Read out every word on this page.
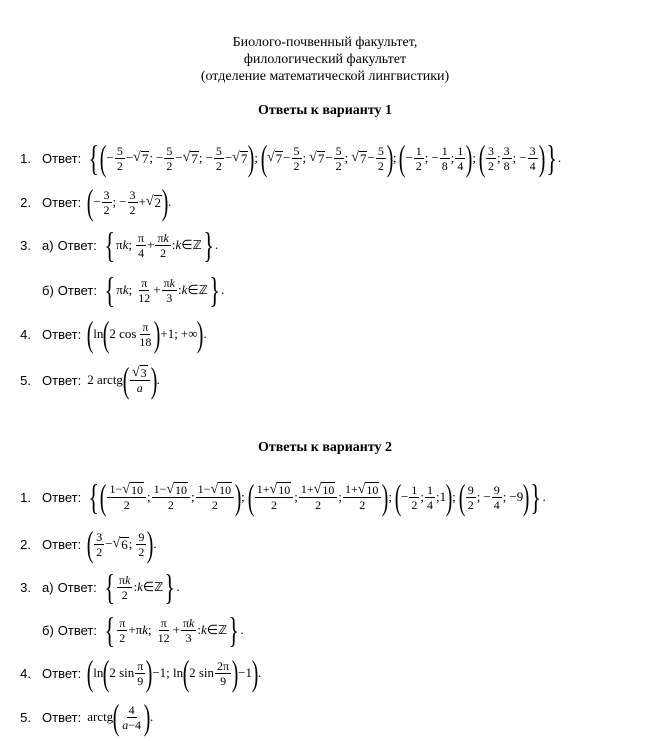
Биолого-почвенный факультет,
филологический факультет
(отделение математической лингвистики)
Ответы к варианту 1
1. Ответ: { ( − $\frac{5}{2}$ − √ 7 ; − $\frac{5}{2}$ − √ 7 ; − $\frac{5}{2}$ − √ 7 ) ; ( √ $7 - \frac{5}{2}$ ; √ $7 - \frac{5}{2}$ ; √ $7 - \frac{5}{2}$ ) ; ( − $\frac{1}{2}$ ; − $\frac{1}{8}$ ; $\frac{1}{4}$ ) ; ( $\frac{3}{2}$ ; $\frac{3}{8}$ ; − $\frac{3}{4}$ ) } .
2. Ответ: ( − $\frac{3}{2}$ ; − $\frac{3}{2}$ + √ 2 ) .
3. а) Ответ: { π k ; $\frac{\pi}{4} + \frac{\pi k}{2}$ : k ∈ ℤ } .
б) Ответ: { π k ; $\frac{\pi}{12} + \frac{\pi k}{3}$ : k ∈ ℤ } .
4. Ответ: ( ln ( 2 $\cos \frac{\pi}{18}$ ) +1; +∞ ) .
5. Ответ: 2 arctg ( $\frac{√ 3}{a}$ ) .
Ответы к варианту 2
1. Ответ: { ( $\frac{1- √ 10}{2}$ ; $\frac{1- √ 10}{2}$ ; $\frac{1- √ 10}{2}$ ) ; ( $\frac{1+ √ 10}{2}$ ; $\frac{1+ √ 10}{2}$ ; $\frac{1+ √ 10}{2}$ ) ; ( − $\frac{1}{2}$ ; $\frac{1}{4}$ ;1 ) ; ( $\frac{9}{2}$ ; − $\frac{9}{4}$ ; −9 ) } .
2. Ответ: ( $\frac{3}{2}$ − √ 6 ; $\frac{9}{2}$ ) .
3. а) Ответ: { $\frac{\pi k}{2}$ : k ∈ ℤ } .
б) Ответ: { $\frac{\pi}{2} +\pi$ k ; $\frac{\pi}{12} + \frac{\pi k}{3}$ : k ∈ ℤ } .
4. Ответ: ( ln ( 2 $\sin \frac{\pi}{9}$ ) −1; ln ( 2 $\sin \frac{2\pi}{9}$ ) −1 ) .
5. Ответ: arctg ( $\frac{4}{a-4}$ ) .
